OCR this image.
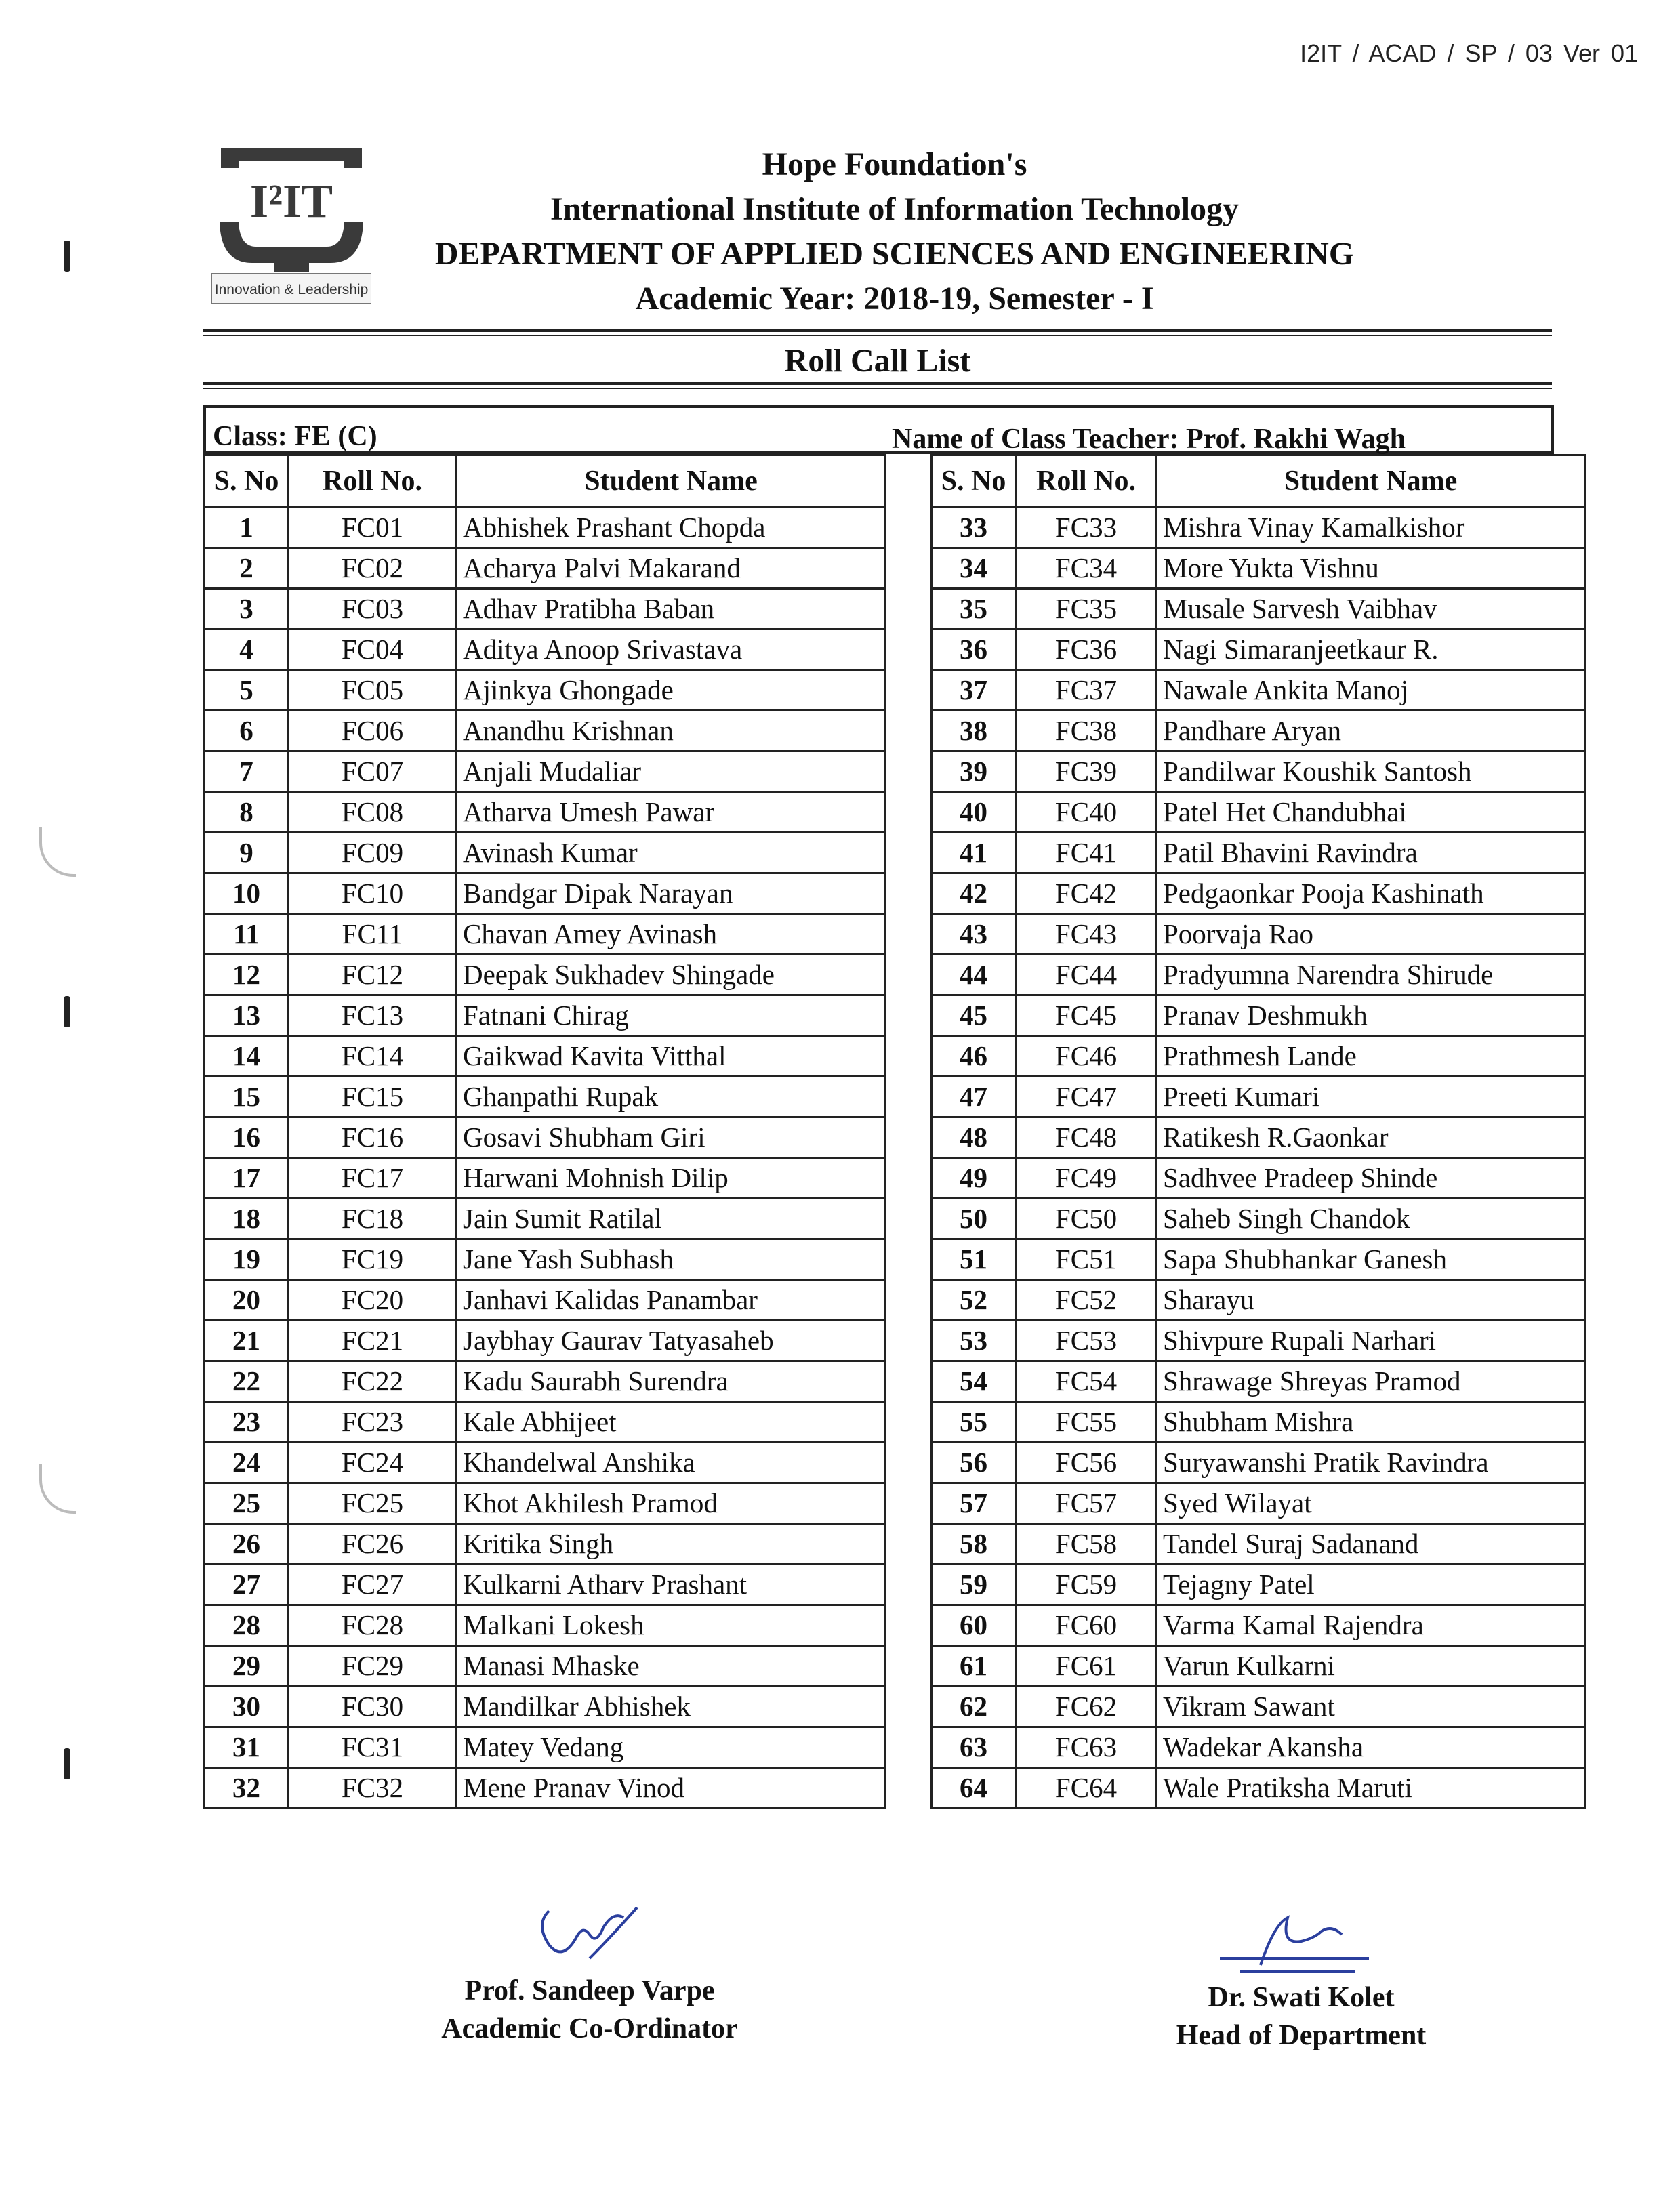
I2IT / ACAD / SP / 03 Ver 01
I²IT
Innovation & Leadership
Hope Foundation's
International Institute of Information Technology
DEPARTMENT OF APPLIED SCIENCES AND ENGINEERING
Academic Year: 2018-19, Semester - I
Roll Call List
Class: FE (C)	Name of Class Teacher: Prof. Rakhi Wagh
S. No	Roll No.	Student Name
1	FC01	Abhishek Prashant Chopda
2	FC02	Acharya Palvi Makarand
3	FC03	Adhav Pratibha Baban
4	FC04	Aditya Anoop Srivastava
5	FC05	Ajinkya Ghongade
6	FC06	Anandhu Krishnan
7	FC07	Anjali Mudaliar
8	FC08	Atharva Umesh Pawar
9	FC09	Avinash Kumar
10	FC10	Bandgar Dipak Narayan
11	FC11	Chavan Amey Avinash
12	FC12	Deepak Sukhadev Shingade
13	FC13	Fatnani Chirag
14	FC14	Gaikwad Kavita Vitthal
15	FC15	Ghanpathi Rupak
16	FC16	Gosavi Shubham Giri
17	FC17	Harwani Mohnish Dilip
18	FC18	Jain Sumit Ratilal
19	FC19	Jane Yash Subhash
20	FC20	Janhavi Kalidas Panambar
21	FC21	Jaybhay Gaurav Tatyasaheb
22	FC22	Kadu Saurabh Surendra
23	FC23	Kale Abhijeet
24	FC24	Khandelwal Anshika
25	FC25	Khot Akhilesh Pramod
26	FC26	Kritika Singh
27	FC27	Kulkarni Atharv Prashant
28	FC28	Malkani Lokesh
29	FC29	Manasi Mhaske
30	FC30	Mandilkar Abhishek
31	FC31	Matey Vedang
32	FC32	Mene Pranav Vinod
S. No	Roll No.	Student Name
33	FC33	Mishra Vinay Kamalkishor
34	FC34	More Yukta Vishnu
35	FC35	Musale Sarvesh Vaibhav
36	FC36	Nagi Simaranjeetkaur R.
37	FC37	Nawale Ankita Manoj
38	FC38	Pandhare Aryan
39	FC39	Pandilwar Koushik Santosh
40	FC40	Patel Het Chandubhai
41	FC41	Patil Bhavini Ravindra
42	FC42	Pedgaonkar Pooja Kashinath
43	FC43	Poorvaja Rao
44	FC44	Pradyumna Narendra Shirude
45	FC45	Pranav Deshmukh
46	FC46	Prathmesh Lande
47	FC47	Preeti Kumari
48	FC48	Ratikesh R.Gaonkar
49	FC49	Sadhvee Pradeep Shinde
50	FC50	Saheb Singh Chandok
51	FC51	Sapa Shubhankar Ganesh
52	FC52	Sharayu
53	FC53	Shivpure Rupali Narhari
54	FC54	Shrawage Shreyas Pramod
55	FC55	Shubham Mishra
56	FC56	Suryawanshi Pratik Ravindra
57	FC57	Syed Wilayat
58	FC58	Tandel Suraj Sadanand
59	FC59	Tejagny Patel
60	FC60	Varma Kamal Rajendra
61	FC61	Varun Kulkarni
62	FC62	Vikram Sawant
63	FC63	Wadekar Akansha
64	FC64	Wale Pratiksha Maruti
Prof. Sandeep Varpe
Academic Co-Ordinator
Dr. Swati Kolet
Head of Department
